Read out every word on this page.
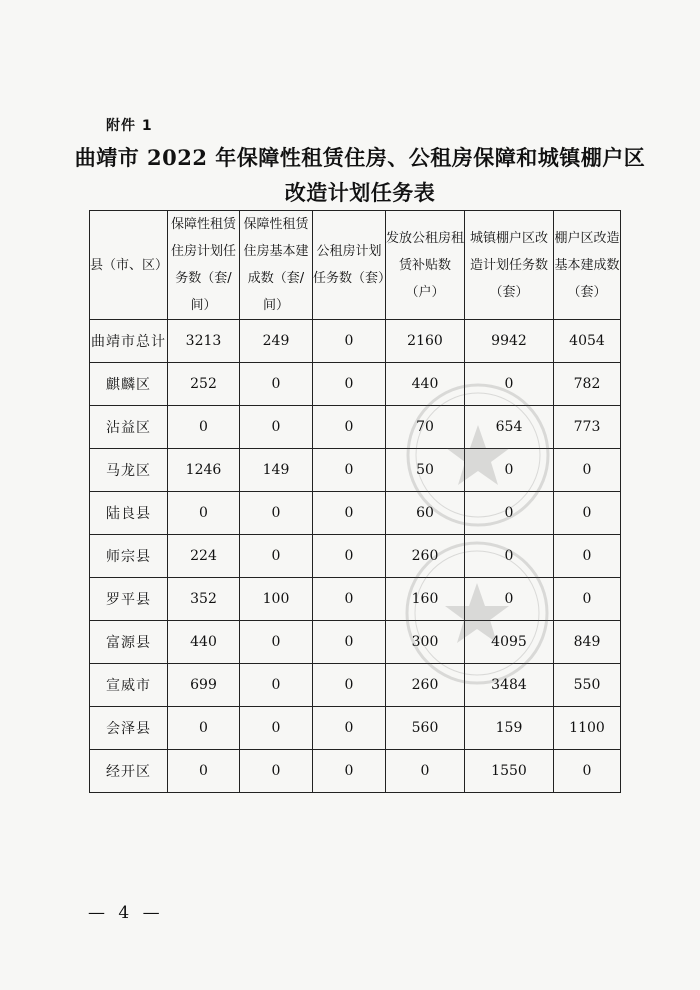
附件 1
曲靖市 2022 年保障性租赁住房、公租房保障和城镇棚户区
改造计划任务表
县（市、区）	保障性租赁住房计划任务数（套/间）	保障性租赁住房基本建成数（套/间）	公租房计划任务数（套）	发放公租房租赁补贴数（户）	城镇棚户区改造计划任务数（套）	棚户区改造基本建成数（套）
曲靖市总计	3213	249	0	2160	9942	4054
麒麟区	252	0	0	440	0	782
沾益区	0	0	0	70	654	773
马龙区	1246	149	0	50	0	0
陆良县	0	0	0	60	0	0
师宗县	224	0	0	260	0	0
罗平县	352	100	0	160	0	0
富源县	440	0	0	300	4095	849
宣威市	699	0	0	260	3484	550
会泽县	0	0	0	560	159	1100
经开区	0	0	0	0	1550	0
— 4 —
